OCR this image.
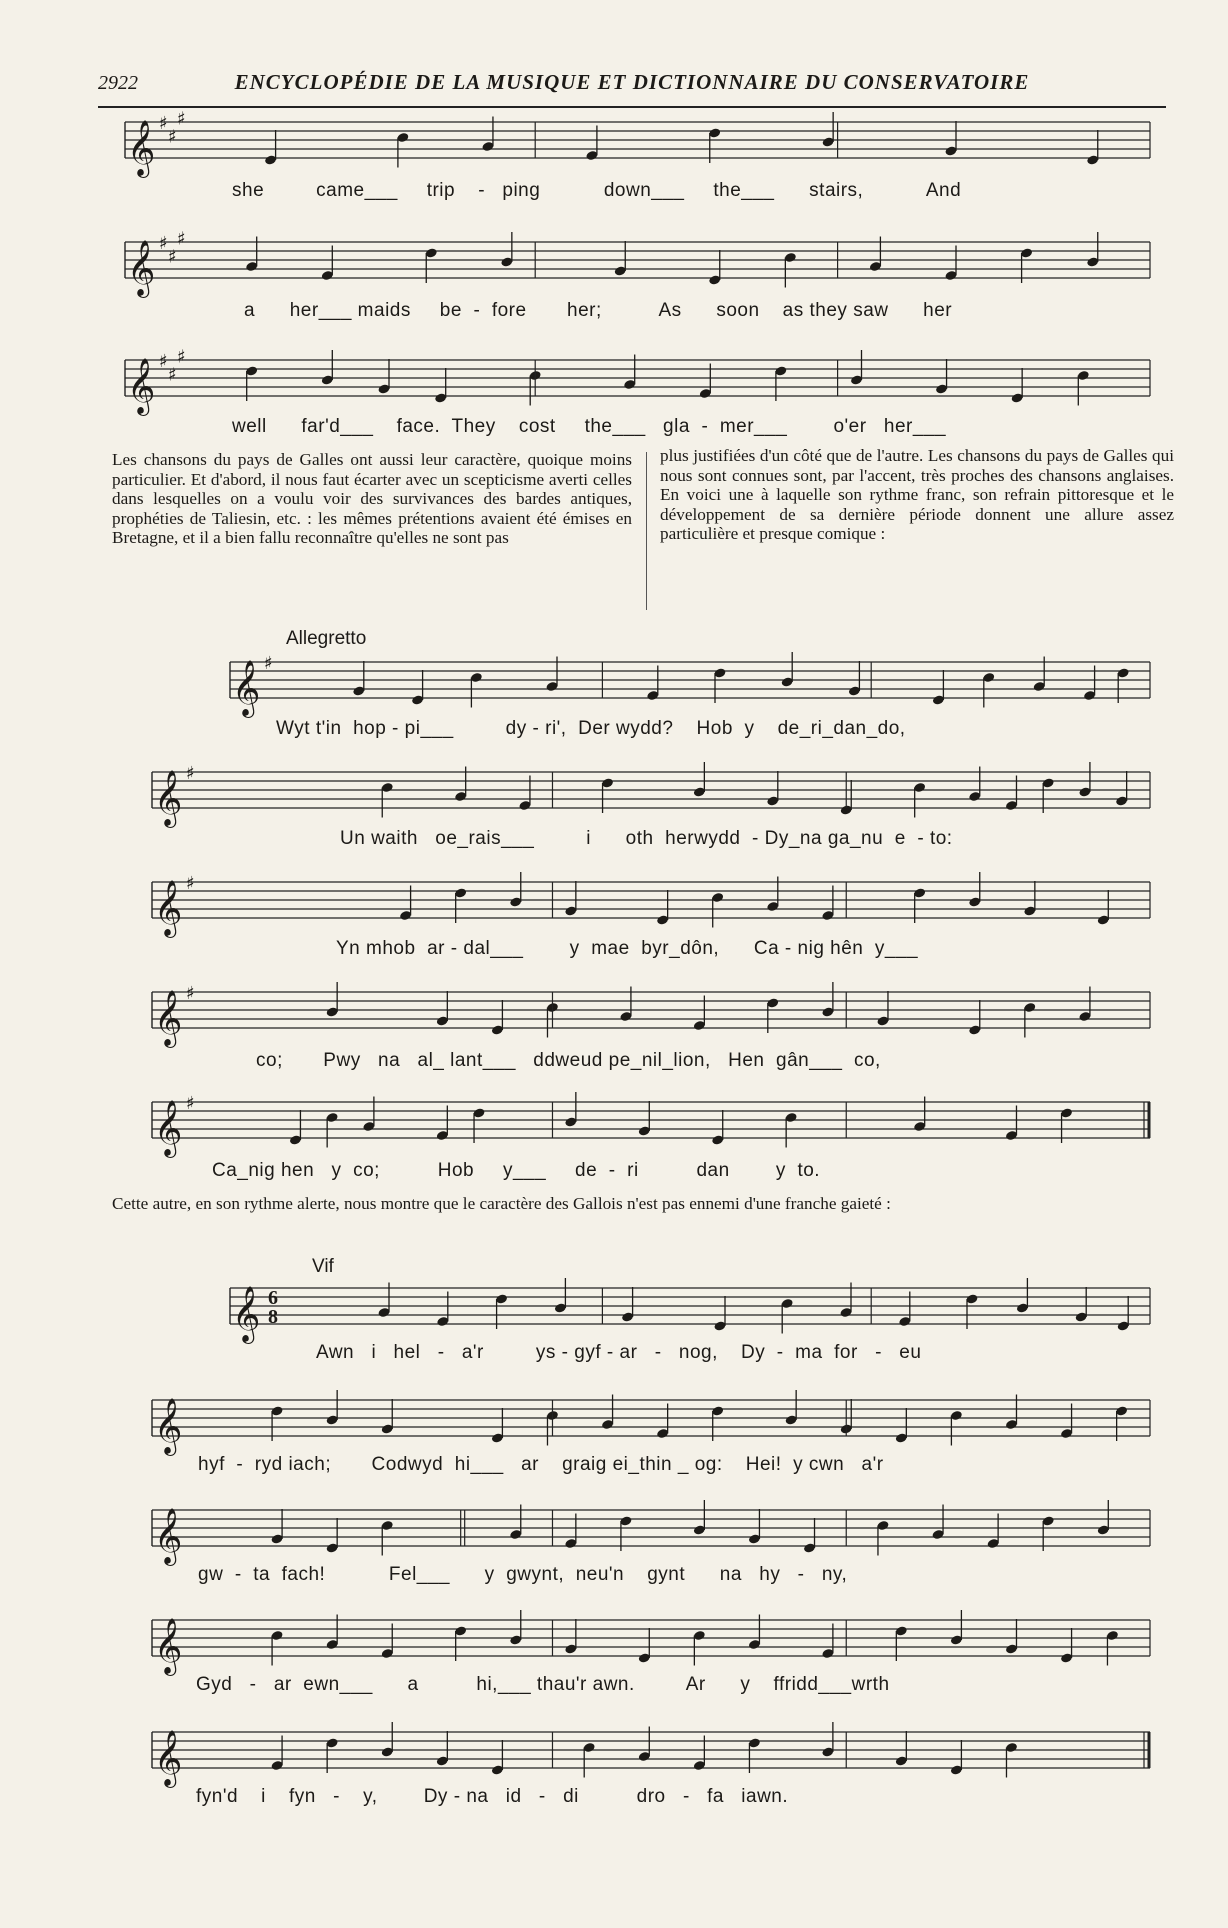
2922	ENCYCLOPÉDIE DE LA MUSIQUE ET DICTIONNAIRE DU CONSERVATOIRE
𝄞 ♯
♯
♯
she         came___     trip    -   ping           down___     the___      stairs,           And
𝄞 ♯
♯
♯
a      her___ maids     be  -  fore       her;          As      soon    as they saw      her
𝄞 ♯
♯
♯
well      far'd___    face.  They    cost     the___   gla  -  mer___        o'er   her___
Les chansons du pays de Galles ont aussi leur caractère, quoique moins particulier. Et d'abord, il nous faut écarter avec un scepticisme averti celles dans lesquelles on a voulu voir des survivances des bardes antiques, prophéties de Taliesin, etc. : les mêmes prétentions avaient été émises en Bretagne, et il a bien fallu reconnaître qu'elles ne sont pas
plus justifiées d'un côté que de l'autre. Les chansons du pays de Galles qui nous sont connues sont, par l'accent, très proches des chansons anglaises. En voici une à laquelle son rythme franc, son refrain pittoresque et le développement de sa dernière période donnent une allure assez particulière et presque comique :
Allegretto
𝄞 ♯
Wyt t'in  hop - pi___         dy - ri',  Der wydd?    Hob  y    de_ri_dan_do,
𝄞 ♯
Un waith   oe_rais___         i      oth  herwydd  - Dy_na ga_nu  e  - to:
𝄞 ♯
Yn mhob  ar - dal___        y  mae  byr_dôn,      Ca - nig hên  y___
𝄞 ♯
co;       Pwy   na   al_ lant___   ddweud pe_nil_lion,   Hen  gân___  co,
𝄞 ♯
Ca_nig hen   y  co;          Hob     y___     de  -  ri          dan        y  to.
Cette autre, en son rythme alerte, nous montre que le caractère des Gallois n'est pas ennemi d'une franche gaieté :
Vif
𝄞 6
8
Awn   i   hel   -   a'r         ys - gyf - ar   -   nog,    Dy  -  ma  for   -   eu
𝄞
hyf  -  ryd iach;       Codwyd  hi___   ar    graig ei_thin _ og:    Hei!  y cwn   a'r
𝄞
gw  -  ta  fach!           Fel___      y  gwynt,  neu'n    gynt      na   hy   -   ny,
𝄞
Gyd   -   ar  ewn___      a          hi,___ thau'r awn.         Ar      y    ffridd___wrth
𝄞
fyn'd    i    fyn   -    y,        Dy - na   id   -   di          dro   -   fa   iawn.
